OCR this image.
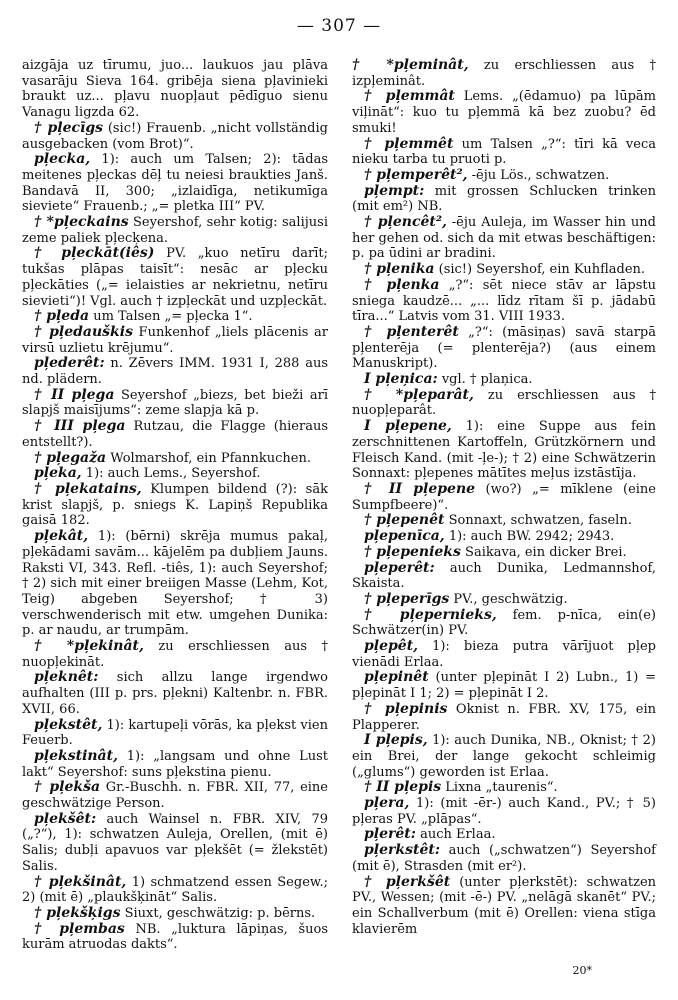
— 307 —

aizgāja uz tīrumu, juo... laukuos jau plāva vasarāju Sieva 164. gribēja siena pļavinieki braukt uz... pļavu nuopļaut pēdīguo sienu Vanagu ligzda 62.

† pļecīgs (sic!) Frauenb. „nicht vollständig ausgebacken (vom Brot)“.

pļecka, 1): auch um Talsen; 2): tādas meitenes pļeckas dēļ tu neiesi braukties Janš. Bandavā II, 300; „izlaidīga, netikumīga sieviete“ Frauenb.; „= pletka III“ PV.

† *pļeckains Seyershof, sehr kotig: salijusi zeme paliek pļecķena.

† pļeckāt(iês) PV. „kuo netīru darīt; tukšas plāpas taisīt“: nesāc ar pļecku pļeckāties („= ielaisties ar nekrietnu, netīru sievieti“)! Vgl. auch † izpļeckāt und uzpļeckāt.

† pļeda um Talsen „= pļecka 1“.

† pļedauškis Funkenhof „liels plācenis ar virsū uzlietu krējumu“.

pļederêt: n. Zēvers IMM. 1931 I, 288 aus nd. plädern.

† II pļega Seyershof „biezs, bet bieži arī slapjš maisījums“: zeme slapja kā p.

† III pļega Rutzau, die Flagge (hieraus entstellt?).

† pļegaža Wolmarshof, ein Pfannkuchen.

pļeka, 1): auch Lems., Seyershof.

† pļekatains, Klumpen bildend (?): sāk krist slapjš, p. sniegs K. Lapiņš Republika gaisā 182.

pļekât, 1): (bērni) skrēja mumus pakaļ, pļekādami savām... kājelēm pa dubļiem Jauns. Raksti VI, 343. Refl. -tiês, 1): auch Seyershof; † 2) sich mit einer breiigen Masse (Lehm, Kot, Teig) abgeben Seyershof; † 3) verschwenderisch mit etw. umgehen Dunika: p. ar naudu, ar trumpām.

† *pļekinât, zu erschliessen aus † nuopļekināt.

pļeknêt: sich allzu lange irgendwo aufhalten (III p. prs. pļekni) Kaltenbr. n. FBR. XVII, 66.

pļekstêt, 1): kartupeļi vōrās, ka pļekst vien Feuerb.

pļekstinât, 1): „langsam und ohne Lust lakt“ Seyershof: suns pļekstina pienu.

† pļekša Gr.-Buschh. n. FBR. XII, 77, eine geschwätzige Person.

pļekšêt: auch Wainsel n. FBR. XIV, 79 („?“), 1): schwatzen Auleja, Orellen, (mit ē) Salis; dubļi apavuos var pļekšēt (= žlekstēt) Salis.

† pļekšinât, 1) schmatzend essen Segew.; 2) (mit ē) „plaukšķināt“ Salis.

† pļekšķigs Siuxt, geschwätzig: p. bērns.

† pļembas NB. „luktura lāpiņas, šuos kurām atruodas dakts“.

† *pļeminât, zu erschliessen aus † izpļeminât.

† pļemmât Lems. „(ēdamuo) pa lūpām viļināt“: kuo tu pļemmā kā bez zuobu? ēd smuki!

† pļemmêt um Talsen „?“: tīri kā veca nieku tarba tu pruoti p.

† pļemperêt², -ēju Lös., schwatzen.

pļempt: mit grossen Schlucken trinken (mit em²) NB.

† pļencêt², -ēju Auleja, im Wasser hin und her gehen od. sich da mit etwas beschäftigen: p. pa ūdini ar bradini.

† pļenika (sic!) Seyershof, ein Kuhfladen.

† pļenka „?“: sēt niece stāv ar lāpstu sniega kaudzē... „... līdz rītam šī p. jādabū tīra...“ Latvis vom 31. VIII 1933.

† pļenterêt „?“: (māsiņas) savā starpā pļenterēja (= plenterēja?) (aus einem Manuskript).

I pļeņica: vgl. † plaņica.

† *pļeparât, zu erschliessen aus † nuopļeparât.

I pļepene, 1): eine Suppe aus fein zerschnittenen Kartoffeln, Grützkörnern und Fleisch Kand. (mit -ļe-); † 2) eine Schwätzerin Sonnaxt: pļepenes mātītes meļus izstāstīja.

† II pļepene (wo?) „= mīklene (eine Sumpfbeere)“.

† pļepenêt Sonnaxt, schwatzen, faseln.

pļepenīca, 1): auch BW. 2942; 2943.

† pļepenieks Saikava, ein dicker Brei.

pļeperêt: auch Dunika, Ledmannshof, Skaista.

† pļeperīgs PV., geschwätzig.

† pļepernieks, fem. p-nīca, ein(e) Schwätzer(in) PV.

pļepêt, 1): bieza putra vārījuot pļep vienādi Erlaa.

pļepinêt (unter pļepināt I 2) Lubn., 1) = pļepināt I 1; 2) = pļepināt I 2.

† pļepinis Oknist n. FBR. XV, 175, ein Plapperer.

I pļepis, 1): auch Dunika, NB., Oknist; † 2) ein Brei, der lange gekocht schleimig („glums“) geworden ist Erlaa.

† II pļepis Lixna „taurenis“.

pļera, 1): (mit -ēr-) auch Kand., PV.; † 5) pļeras PV. „plāpas“.

pļerêt: auch Erlaa.

pļerkstêt: auch („schwatzen“) Seyershof (mit ē), Strasden (mit er²).

† pļerkšêt (unter pļerkstēt): schwatzen PV., Wessen; (mit -ē-) PV. „nelāgā skanēt“ PV.; ein Schallverbum (mit ē) Orellen: viena stīga klavierēm

20*
